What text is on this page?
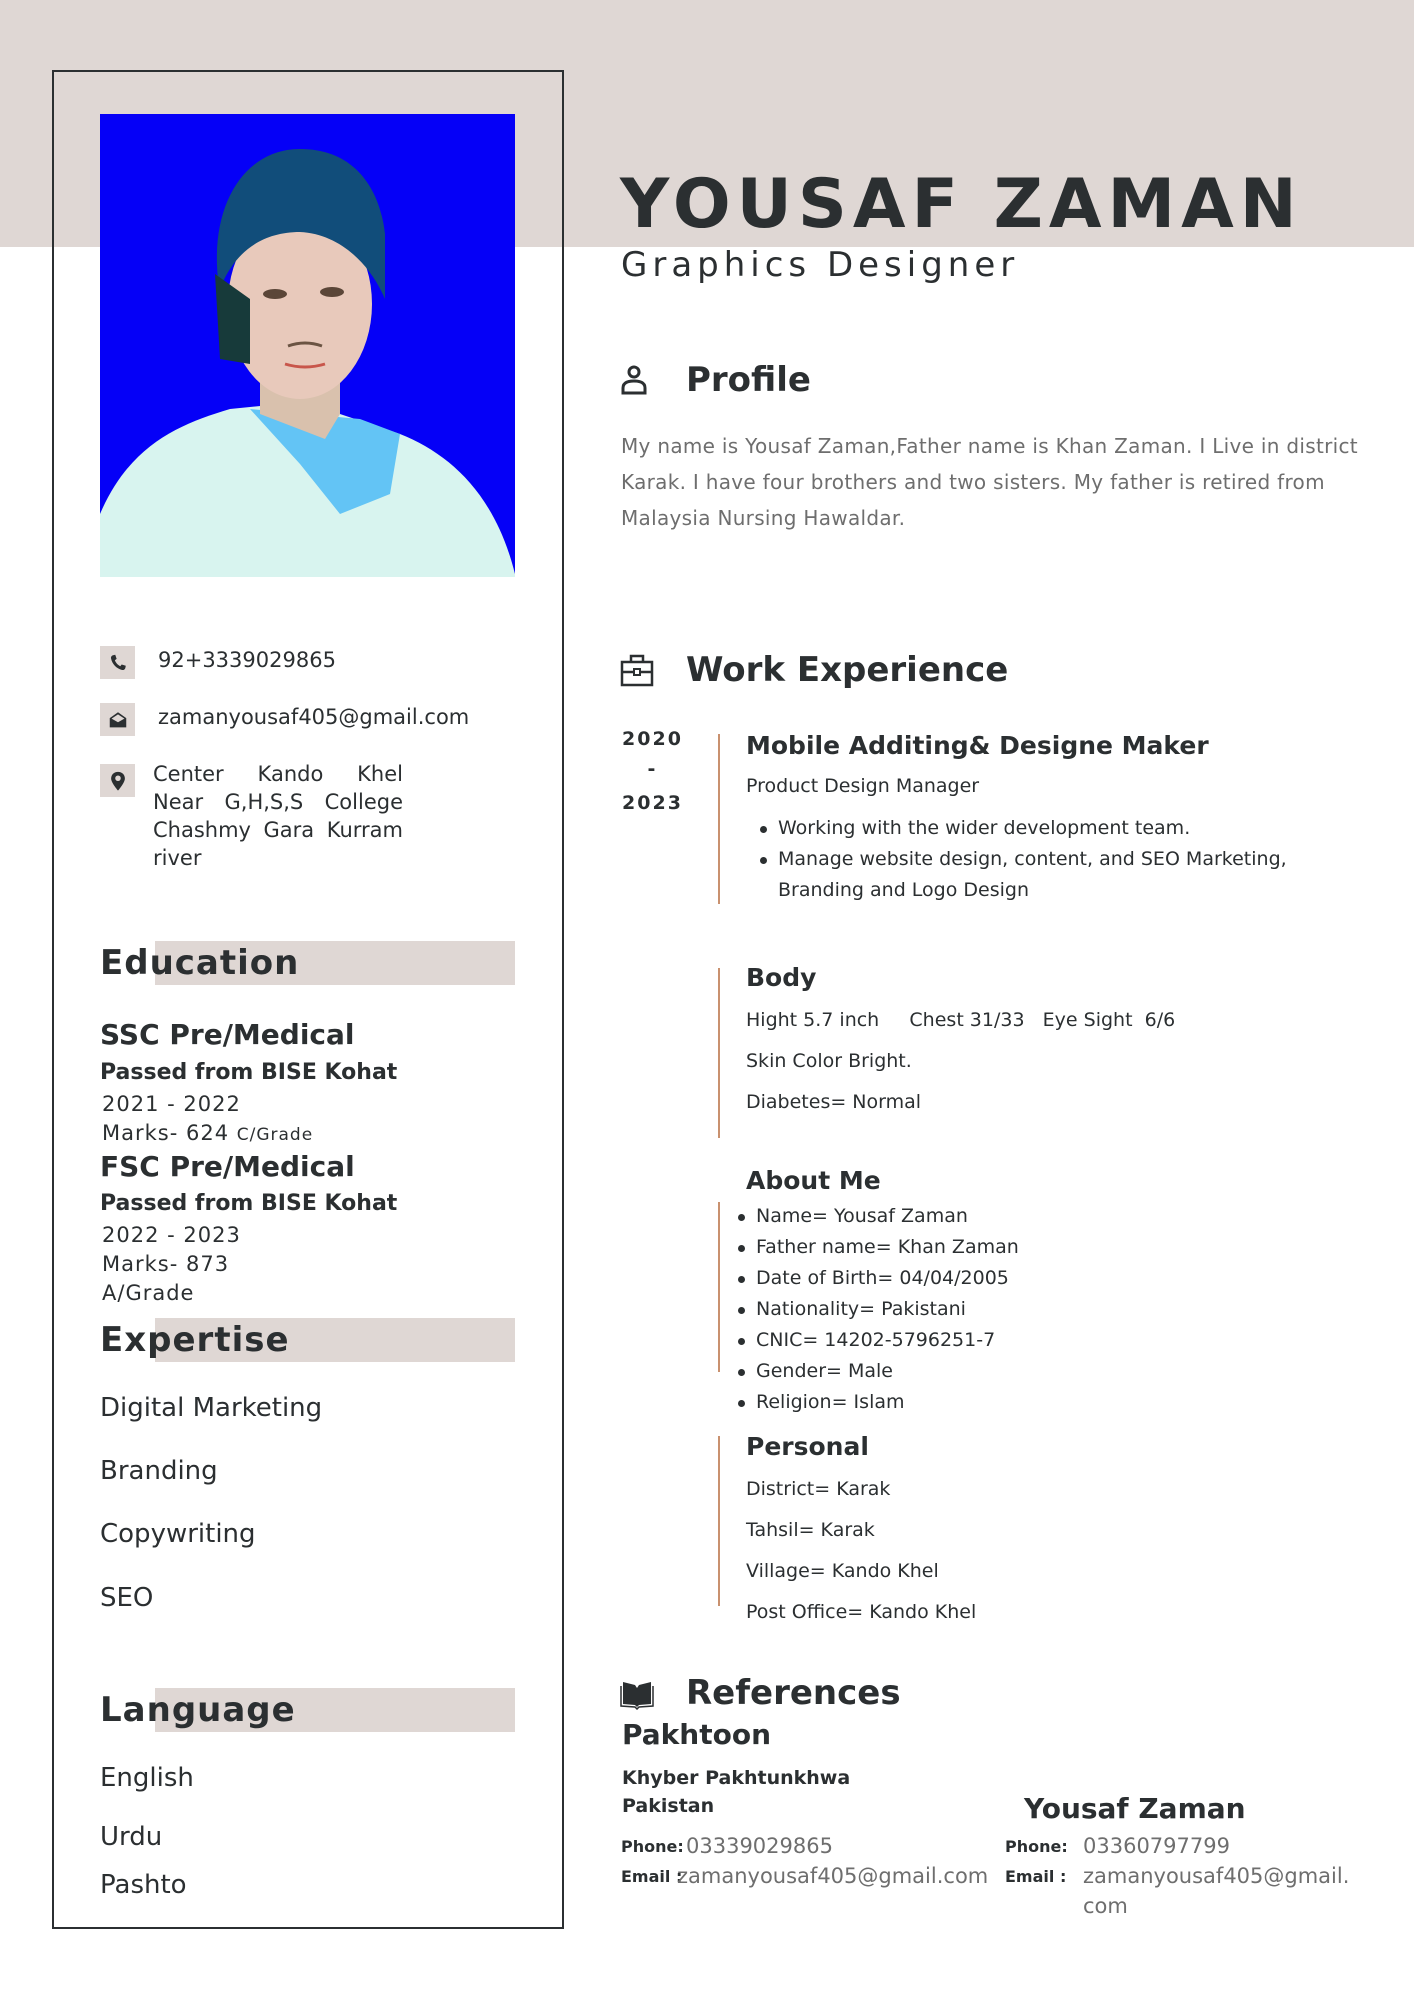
92+3339029865
zamanyousaf405@gmail.com
Center Kando Khel Near G,H,S,S College Chashmy Gara Kurram river
Education
SSC Pre/Medical
Passed from BISE Kohat
2021 - 2022
Marks- 624 C/Grade
FSC Pre/Medical
Passed from BISE Kohat
2022 - 2023
Marks- 873
A/Grade
Expertise
Digital Marketing
Branding
Copywriting
SEO
Language
English
Urdu
Pashto
YOUSAF ZAMAN
Graphics Designer
Profile
My name is Yousaf Zaman,Father name is Khan Zaman. I Live in district Karak. I have four brothers and two sisters. My father is retired from Malaysia Nursing Hawaldar.
Work Experience
2020
-
2023
Mobile Additing& Designe Maker
Product Design Manager
Working with the wider development team.
Manage website design, content, and SEO Marketing, Branding and Logo Design
Body
Hight 5.7 inch     Chest 31/33   Eye Sight  6/6
Skin Color Bright.
Diabetes= Normal
About Me
Name= Yousaf Zaman
Father name= Khan Zaman
Date of Birth= 04/04/2005
Nationality= Pakistani
CNIC= 14202-5796251-7
Gender= Male
Religion= Islam
Personal
District= Karak
Tahsil= Karak
Village= Kando Khel
Post Office= Kando Khel
References
Pakhtoon
Khyber Pakhtunkhwa
Pakistan
Phone: 03339029865
Email :
zamanyousaf405@gmail.com
Yousaf Zaman
Phone: 03360797799
Email : zamanyousaf405@gmail. com
